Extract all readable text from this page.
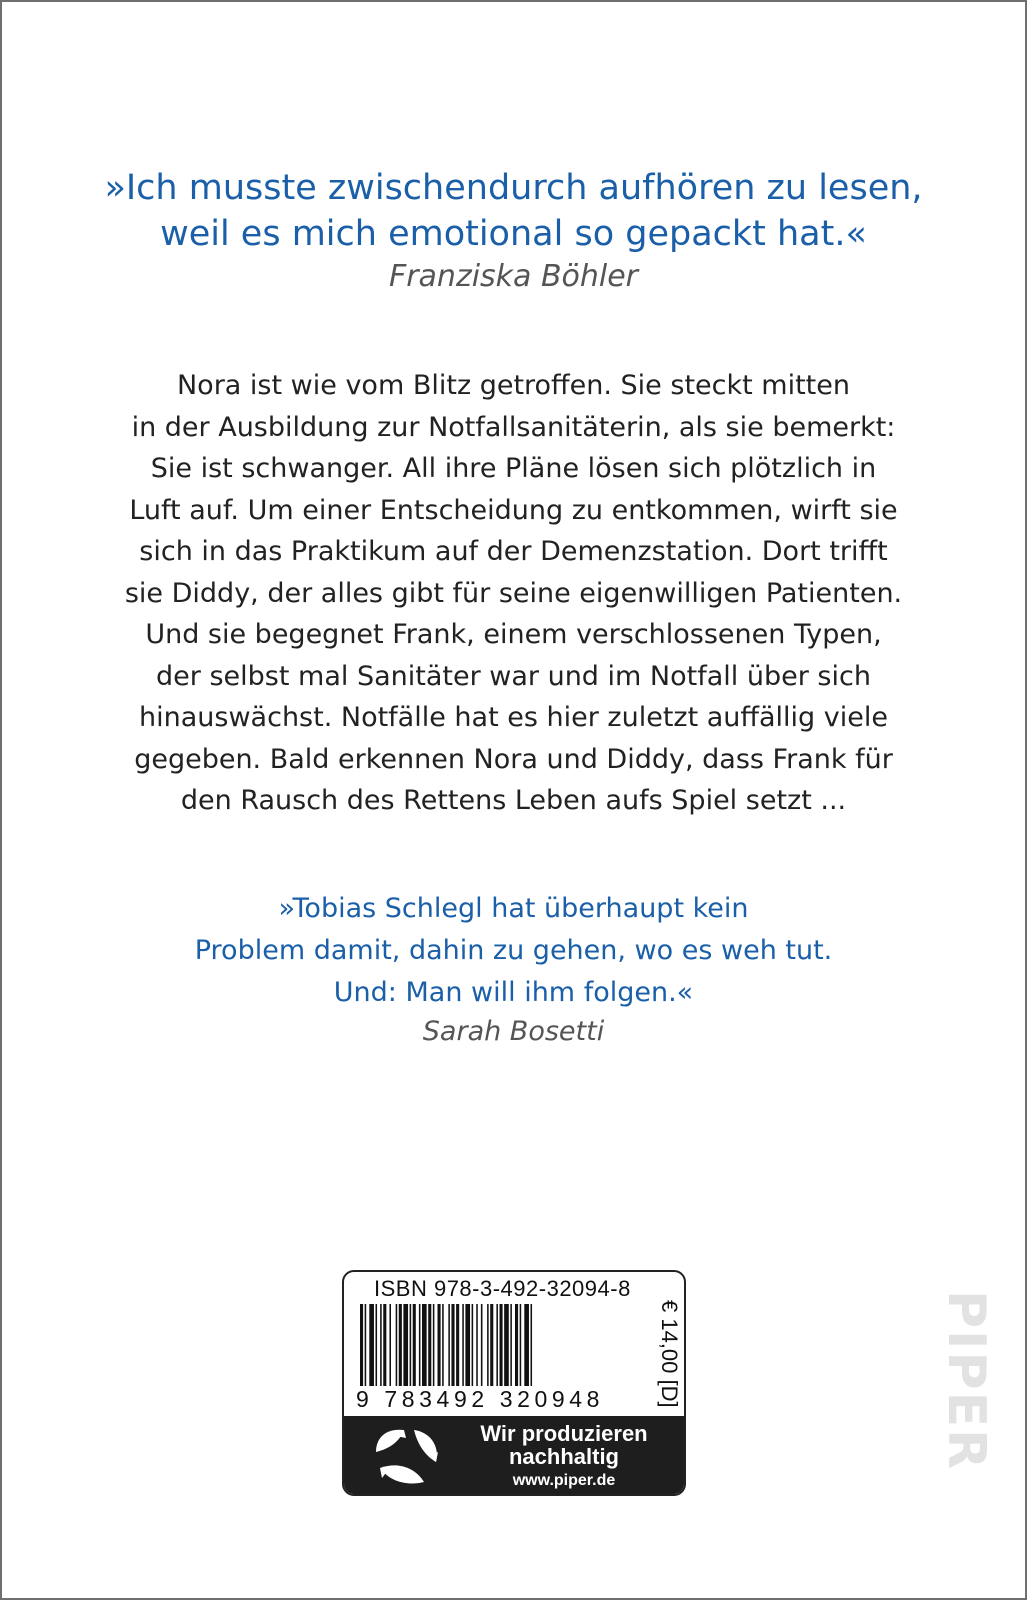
»Ich musste zwischendurch aufhören zu lesen,
weil es mich emotional so gepackt hat.«
Franziska Böhler
Nora ist wie vom Blitz getroffen. Sie steckt mitten
in der Ausbildung zur Notfallsanitäterin, als sie bemerkt:
Sie ist schwanger. All ihre Pläne lösen sich plötzlich in
Luft auf. Um einer Entscheidung zu entkommen, wirft sie
sich in das Praktikum auf der Demenzstation. Dort trifft
sie Diddy, der alles gibt für seine eigenwilligen Patienten.
Und sie begegnet Frank, einem verschlossenen Typen,
der selbst mal Sanitäter war und im Notfall über sich
hinauswächst. Notfälle hat es hier zuletzt auffällig viele
gegeben. Bald erkennen Nora und Diddy, dass Frank für
den Rausch des Rettens Leben aufs Spiel setzt ...
»Tobias Schlegl hat überhaupt kein
Problem damit, dahin zu gehen, wo es weh tut.
Und: Man will ihm folgen.«
Sarah Bosetti
ISBN 978-3-492-32094-8
9 783492 320948 € 14,00 [D]
Wir produzieren
nachhaltig
www.piper.de
PIPER
